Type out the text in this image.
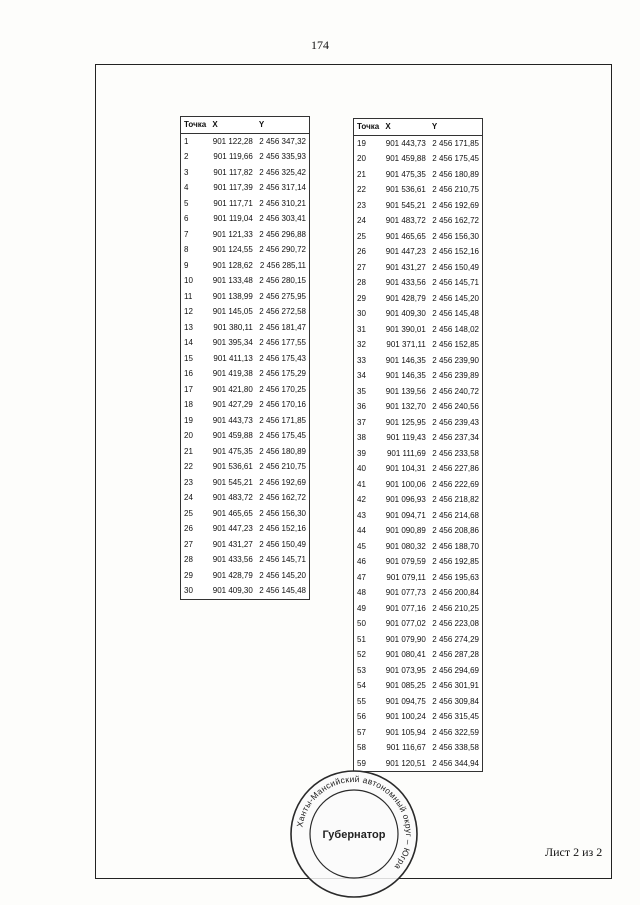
174
Точка	X	Y
1	901 122,28	2 456 347,32
2	901 119,66	2 456 335,93
3	901 117,82	2 456 325,42
4	901 117,39	2 456 317,14
5	901 117,71	2 456 310,21
6	901 119,04	2 456 303,41
7	901 121,33	2 456 296,88
8	901 124,55	2 456 290,72
9	901 128,62	2 456 285,11
10	901 133,48	2 456 280,15
11	901 138,99	2 456 275,95
12	901 145,05	2 456 272,58
13	901 380,11	2 456 181,47
14	901 395,34	2 456 177,55
15	901 411,13	2 456 175,43
16	901 419,38	2 456 175,29
17	901 421,80	2 456 170,25
18	901 427,29	2 456 170,16
19	901 443,73	2 456 171,85
20	901 459,88	2 456 175,45
21	901 475,35	2 456 180,89
22	901 536,61	2 456 210,75
23	901 545,21	2 456 192,69
24	901 483,72	2 456 162,72
25	901 465,65	2 456 156,30
26	901 447,23	2 456 152,16
27	901 431,27	2 456 150,49
28	901 433,56	2 456 145,71
29	901 428,79	2 456 145,20
30	901 409,30	2 456 145,48
Точка	X	Y
19	901 443,73	2 456 171,85
20	901 459,88	2 456 175,45
21	901 475,35	2 456 180,89
22	901 536,61	2 456 210,75
23	901 545,21	2 456 192,69
24	901 483,72	2 456 162,72
25	901 465,65	2 456 156,30
26	901 447,23	2 456 152,16
27	901 431,27	2 456 150,49
28	901 433,56	2 456 145,71
29	901 428,79	2 456 145,20
30	901 409,30	2 456 145,48
31	901 390,01	2 456 148,02
32	901 371,11	2 456 152,85
33	901 146,35	2 456 239,90
34	901 146,35	2 456 239,89
35	901 139,56	2 456 240,72
36	901 132,70	2 456 240,56
37	901 125,95	2 456 239,43
38	901 119,43	2 456 237,34
39	901 111,69	2 456 233,58
40	901 104,31	2 456 227,86
41	901 100,06	2 456 222,69
42	901 096,93	2 456 218,82
43	901 094,71	2 456 214,68
44	901 090,89	2 456 208,86
45	901 080,32	2 456 188,70
46	901 079,59	2 456 192,85
47	901 079,11	2 456 195,63
48	901 077,73	2 456 200,84
49	901 077,16	2 456 210,25
50	901 077,02	2 456 223,08
51	901 079,90	2 456 274,29
52	901 080,41	2 456 287,28
53	901 073,95	2 456 294,69
54	901 085,25	2 456 301,91
55	901 094,75	2 456 309,84
56	901 100,24	2 456 315,45
57	901 105,94	2 456 322,59
58	901 116,67	2 456 338,58
59	901 120,51	2 456 344,94
Ханты-Мансийский автономный округ – Югра
Губернатор
Лист 2 из 2
